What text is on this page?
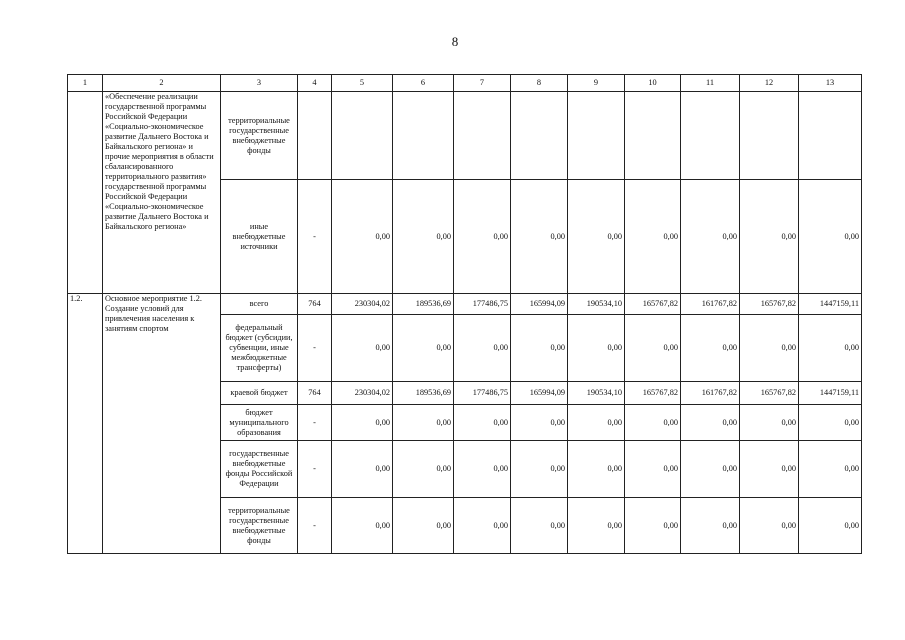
8
1	2	3	4	5	6	7	8	9	10	11	12	13
	«Обеспечение реализации государственной программы Российской Федерации «Социально-экономическое развитие Дальнего Востока и Байкальского региона» и прочие мероприятия в области сбалансированного территориального развития» государственной программы Российской Федерации «Социально-экономическое развитие Дальнего Востока и Байкальского региона»	территориальные государственные внебюджетные фонды										
		иные внебюджетные источники	-	0,00	0,00	0,00	0,00	0,00	0,00	0,00	0,00	0,00
1.2.	Основное мероприятие 1.2. Создание условий для привлечения населения к занятиям спортом	всего	764	230304,02	189536,69	177486,75	165994,09	190534,10	165767,82	161767,82	165767,82	1447159,11
		федеральный бюджет (субсидии, субвенции, иные межбюджетные трансферты)	-	0,00	0,00	0,00	0,00	0,00	0,00	0,00	0,00	0,00
		краевой бюджет	764	230304,02	189536,69	177486,75	165994,09	190534,10	165767,82	161767,82	165767,82	1447159,11
		бюджет муниципального образования	-	0,00	0,00	0,00	0,00	0,00	0,00	0,00	0,00	0,00
		государственные внебюджетные фонды Российской Федерации	-	0,00	0,00	0,00	0,00	0,00	0,00	0,00	0,00	0,00
		территориальные государственные внебюджетные фонды	-	0,00	0,00	0,00	0,00	0,00	0,00	0,00	0,00	0,00
